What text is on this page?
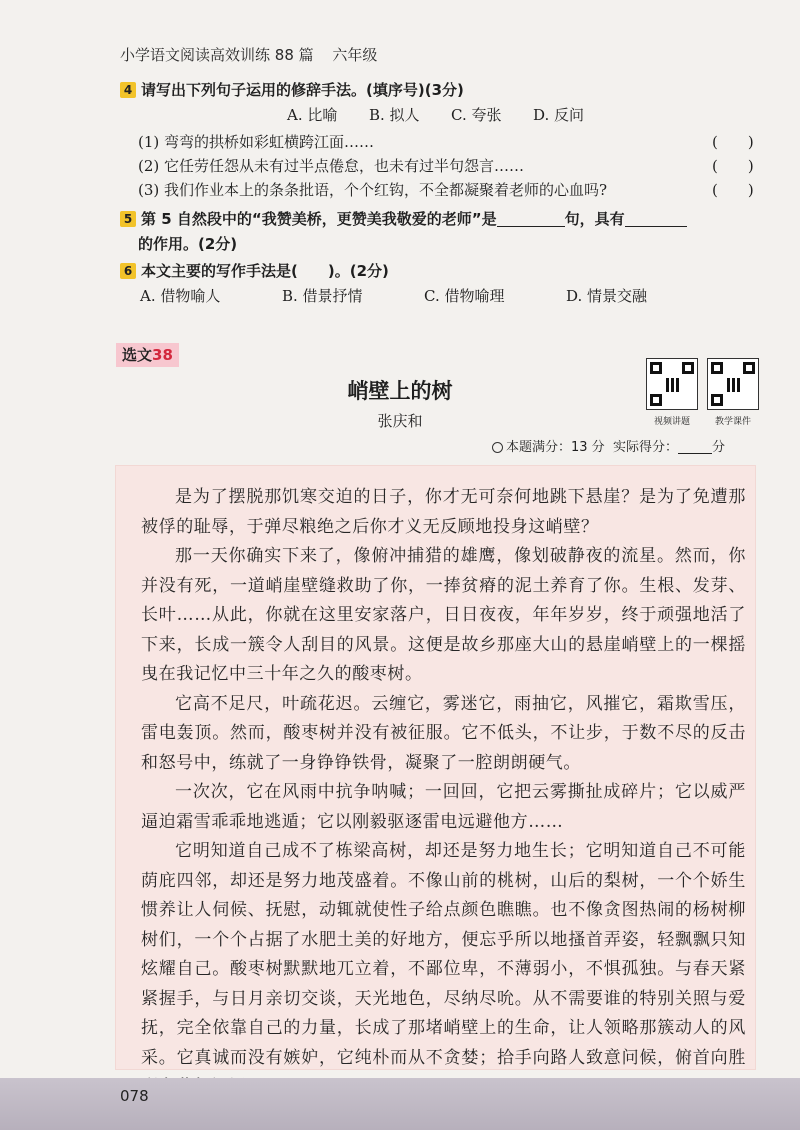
小学语文阅读高效训练 88 篇 六年级
4 请写出下列句子运用的修辞手法。(填序号)(3分)
A. 比喻 B. 拟人 C. 夸张 D. 反问
(1) 弯弯的拱桥如彩虹横跨江面……	(　　)
(2) 它任劳任怨从未有过半点倦怠，也未有过半句怨言……	(　　)
(3) 我们作业本上的条条批语，个个红钩，不全都凝聚着老师的心血吗?	(　　)
5 第 5 自然段中的“我赞美桥，更赞美我敬爱的老师”是	句，具有
的作用。(2分)
6 本文主要的写作手法是(　　)。(2分)
A. 借物喻人	B. 借景抒情	C. 借物喻理	D. 情景交融
选文38
峭壁上的树
张庆和	视频讲题	教学课件
本题满分：13 分 实际得分：	分

是为了摆脱那饥寒交迫的日子，你才无可奈何地跳下悬崖？是为了免遭那被俘的耻辱，于弹尽粮绝之后你才义无反顾地投身这峭壁？

那一天你确实下来了，像俯冲捕猎的雄鹰，像划破静夜的流星。然而，你并没有死，一道峭崖壁缝救助了你，一捧贫瘠的泥土养育了你。生根、发芽、长叶……从此，你就在这里安家落户，日日夜夜，年年岁岁，终于顽强地活了下来，长成一簇令人刮目的风景。这便是故乡那座大山的悬崖峭壁上的一棵摇曳在我记忆中三十年之久的酸枣树。

它高不足尺，叶疏花迟。云缠它，雾迷它，雨抽它，风摧它，霜欺雪压，雷电轰顶。然而，酸枣树并没有被征服。它不低头，不让步，于数不尽的反击和怒号中，练就了一身铮铮铁骨，凝聚了一腔朗朗硬气。

一次次，它在风雨中抗争呐喊；一回回，它把云雾撕扯成碎片；它以威严逼迫霜雪乖乖地逃遁；它以刚毅驱逐雷电远避他方……

它明知道自己成不了栋梁高树，却还是努力地生长；它明知道自己不可能荫庇四邻，却还是努力地茂盛着。不像山前的桃树，山后的梨树，一个个娇生惯养让人伺候、抚慰，动辄就使性子给点颜色瞧瞧。也不像贪图热闹的杨树柳树们，一个个占据了水肥土美的好地方，便忘乎所以地搔首弄姿，轻飘飘只知炫耀自己。酸枣树默默地兀立着，不鄙位卑，不薄弱小，不惧孤独。与春天紧紧握手，与日月亲切交谈，天光地色，尽纳尽吮。从不需要谁的特别关照与爱抚，完全依靠自己的力量，长成了那堵峭壁上的生命，让人领略那簇动人的风采。它真诚而没有嫉妒，它纯朴而从不贪婪；拾手向路人致意问候，俯首向胜

078
